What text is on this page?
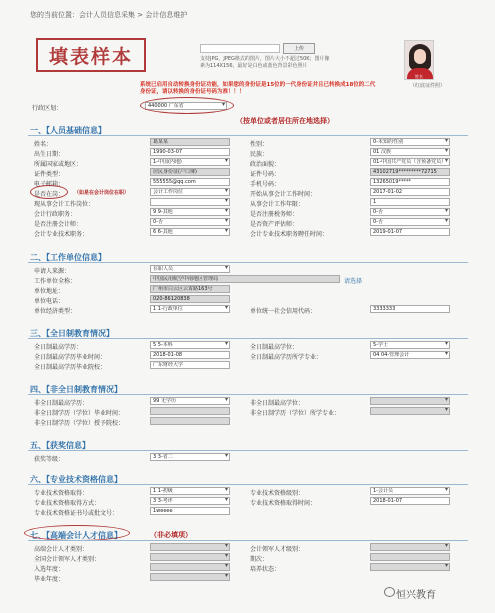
您的当前位置：会计人员信息采集 > 会计信息维护
填表样本	上传
支持JPG，JPEG格式的图片，图片大小不超过50K；图片像素为114X156，最好是白色或蓝色背景彩色照片
姓名
（红底证件照）
系统已启用自动转换身份证功能，如果您的身份证是15位的一代身份证并且已转换成18位的二代身份证，请以转换的身份证号码为准！！！
行政区划：	440000 广东省 ▾
（按单位或者居住所在地选择）
一、【人员基础信息】
姓名：	葛某某	性别：	0-未知的性别 ▾
出生日期：	1990-03-07	民族：	01 汉族 ▾
所属国家或地区：	1-中国(内地) ▾	政治面貌：	01-中国共产党员（含预备党员） ▾
证件类型：	居民身份证(户口簿)	证件号码：	43102719*********72715
电子邮箱：	555555@qq.com	手机号码：	13265019*****
是否在岗： （如是在会计岗位在职）	会计工作岗位 ▾	开始从事会计工作时间：	2017-01-02
现从事会计工作岗位： ▾	从事会计工作年限：	1
会计行政职务：	9 9-其他 ▾	是否注册税务师：	0-否 ▾
是否注册会计师：	0-否 ▾	是否资产评估师：	0-否 ▾
会计专业技术职务：	6 6-其他 ▾	会计专业技术职务聘任时间：	2019-01-07
二、【工作单位信息】
申请人来源：	在职人员 ▾
工作单位全称：	中国民用航空中南地区管理局	请选择
单位地址：	广州市白云区云霄路163号
单位电话：	020-86120838
单位经济类型：	1 1-行政单位 ▾	单位统一社会信用代码：	3333333
三、【全日制教育情况】
全日制最高学历：	5 5-本科 ▾	全日制最高学位：	5-学士 ▾
全日制最高学历毕业时间：	2018-01-08	全日制最高学历所学专业：	04 04-管理会计 ▾
全日制最高学历毕业院校：	广东财经大学
四、【非全日制教育情况】
非全日制最高学历：	99 无学历 ▾	非全日制最高学位：
▾
非全日制学历（学位）毕业时间：	非全日制学历（学位）所学专业：
▾
非全日制学历（学位）授予院校：
五、【获奖信息】
获奖等级：	3 3-省二 ▾
六、【专业技术资格信息】
专业技术资格取得：	1 1-初级 ▾	专业技术资格级别：	1-会计员 ▾
专业技术资格取得方式：	3 3-考评 ▾	专业技术资格取得时间：	2018-01-07
专业技术资格证书号或批文号：	1weeee
七、【高端会计人才信息】	（非必填项）
高端会计人才类别： ▾	会计领军人才级别：
▾
全国会计领军人才类别： ▾	期次：
入选年度： ▾	培养状态：
▾
毕业年度：
▾
恒兴教育
